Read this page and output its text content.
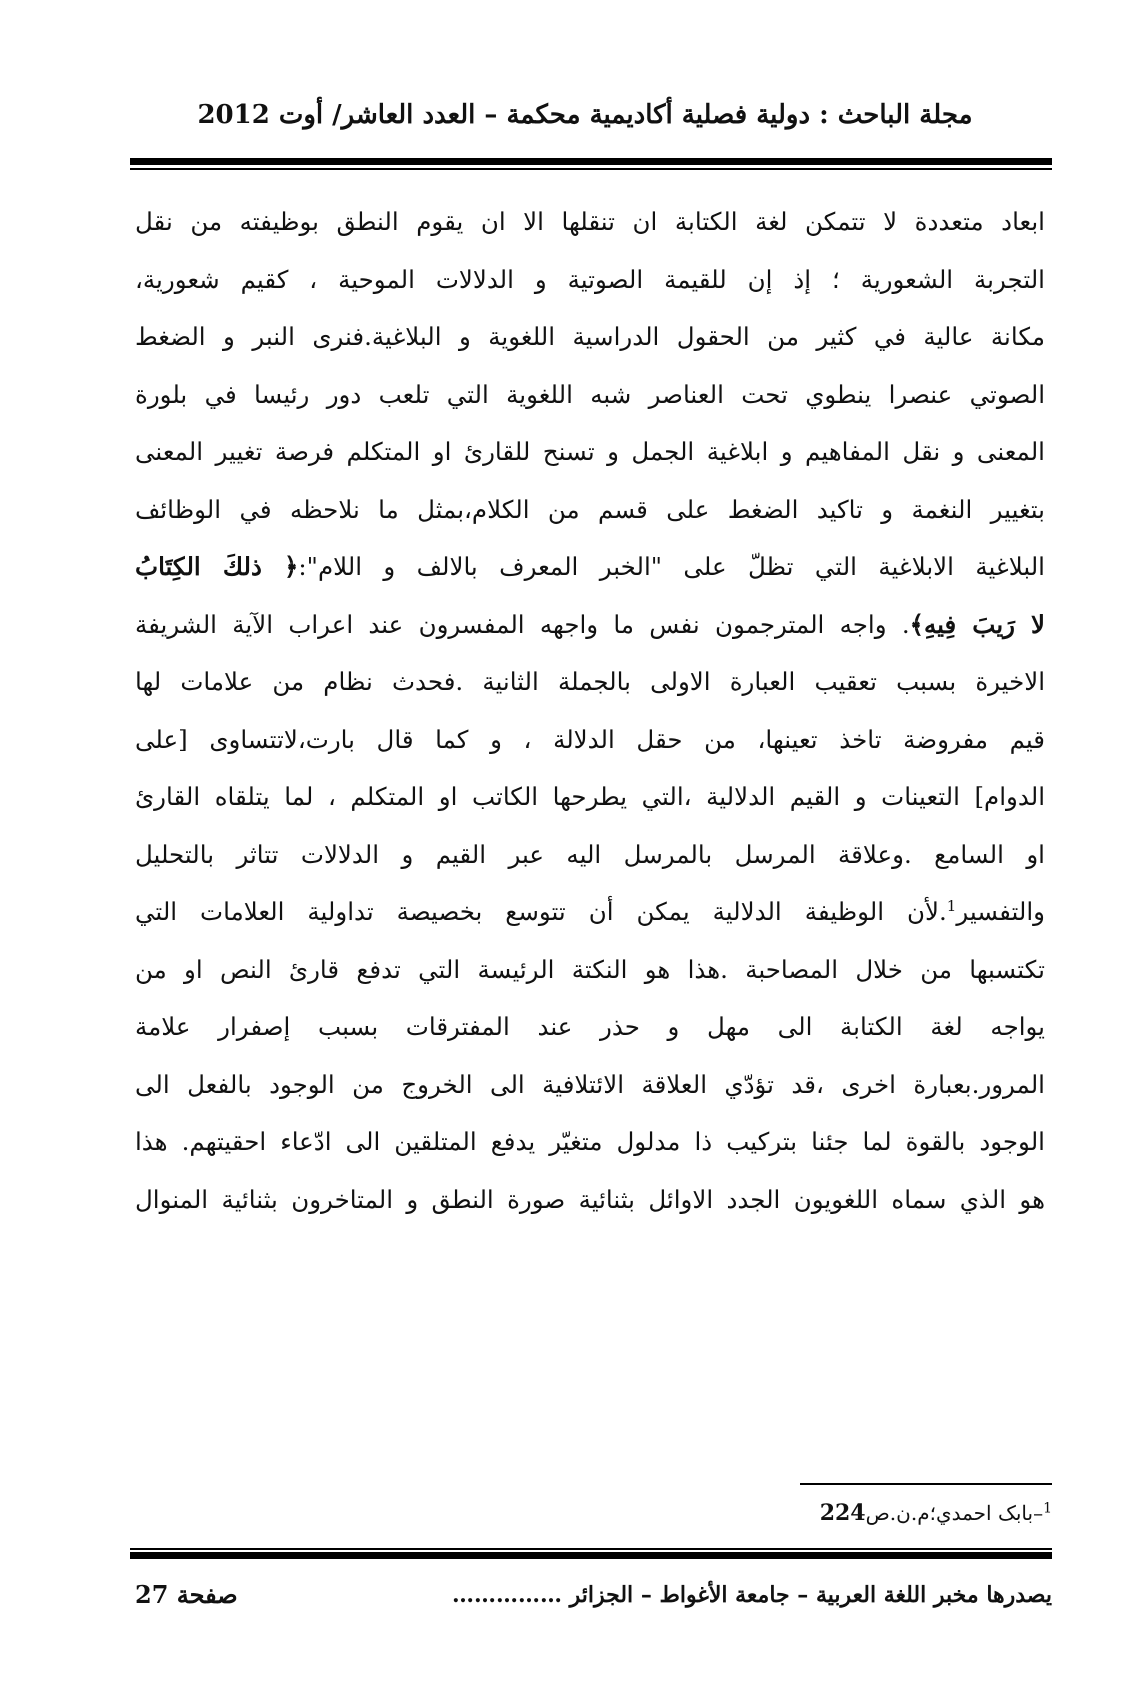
مجلة الباحث : دولية فصلية أكاديمية محكمة – العدد العاشر/ أوت 2012
ابعاد متعددة لا تتمكن لغة الكتابة ان تنقلها الا ان يقوم النطق بوظيفته من نقل
التجربة الشعورية ؛ إذ إن للقيمة الصوتية و الدلالات الموحية ، كقيم شعورية،
مكانة عالية في كثير من الحقول الدراسية اللغوية و البلاغية.فنرى النبر و الضغط
الصوتي عنصرا ينطوي تحت العناصر شبه اللغوية التي تلعب دور رئيسا في بلورة
المعنى و نقل المفاهيم و ابلاغية الجمل و تسنح للقارئ او المتكلم فرصة تغيير المعنى
بتغيير النغمة و تاكيد الضغط على قسم من الكلام،بمثل ما نلاحظه في الوظائف
البلاغية الابلاغية التي تظلّ على "الخبر المعرف بالالف و اللام":﴿ ذلكَ الكِتَابُ
لا رَيبَ فِيهِ﴾. واجه المترجمون نفس ما واجهه المفسرون عند اعراب الآية الشريفة
الاخيرة بسبب تعقيب العبارة الاولى بالجملة الثانية .فحدث نظام من علامات لها
قيم مفروضة تاخذ تعينها، من حقل الدلالة ، و كما قال بارت،لاتتساوى [على
الدوام] التعينات و القيم الدلالية ،التي يطرحها الكاتب او المتكلم ، لما يتلقاه القارئ
او السامع .وعلاقة المرسل بالمرسل اليه عبر القيم و الدلالات تتاثر بالتحليل
والتفسير$^1$.لأن الوظيفة الدلالية يمكن أن تتوسع بخصيصة تداولية العلامات التي
تكتسبها من خلال المصاحبة .هذا هو النكتة الرئيسة التي تدفع قارئ النص او من
يواجه لغة الكتابة الى مهل و حذر عند المفترقات بسبب إصفرار علامة
المرور.بعبارة اخرى ،قد تؤدّي العلاقة الائتلافية الى الخروج من الوجود بالفعل الى
الوجود بالقوة لما جئنا بتركيب ذا مدلول متغيّر يدفع المتلقين الى ادّعاء احقيتهم. هذا
هو الذي سماه اللغويون الجدد الاوائل بثنائية صورة النطق و المتاخرون بثنائية المنوال
$^1$–بابک احمدي؛م.ن.ص224
يصدرها مخبر اللغة العربية – جامعة الأغواط – الجزائر ……………
صفحة 27
